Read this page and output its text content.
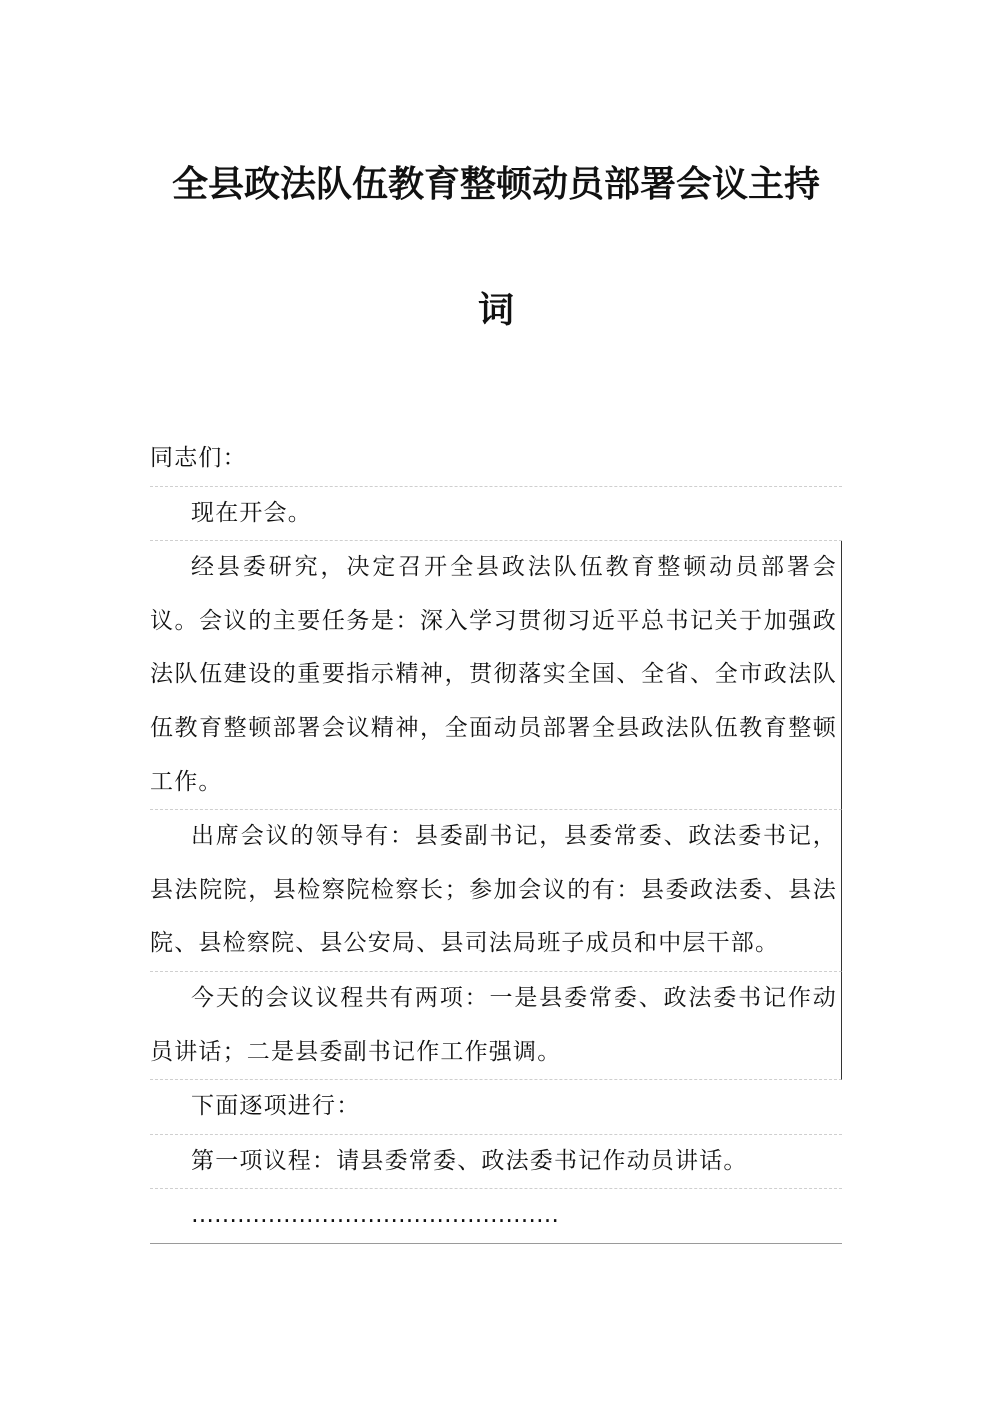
全县政法队伍教育整顿动员部署会议主持
词

同志们：

现在开会。

经县委研究，决定召开全县政法队伍教育整顿动员部署会议。会议的主要任务是：深入学习贯彻习近平总书记关于加强政法队伍建设的重要指示精神，贯彻落实全国、全省、全市政法队伍教育整顿部署会议精神，全面动员部署全县政法队伍教育整顿工作。

出席会议的领导有：县委副书记，县委常委、政法委书记，县法院院，县检察院检察长；参加会议的有：县委政法委、县法院、县检察院、县公安局、县司法局班子成员和中层干部。

今天的会议议程共有两项：一是县委常委、政法委书记作动员讲话；二是县委副书记作工作强调。

下面逐项进行：

第一项议程：请县委常委、政法委书记作动员讲话。

…………………………………………
